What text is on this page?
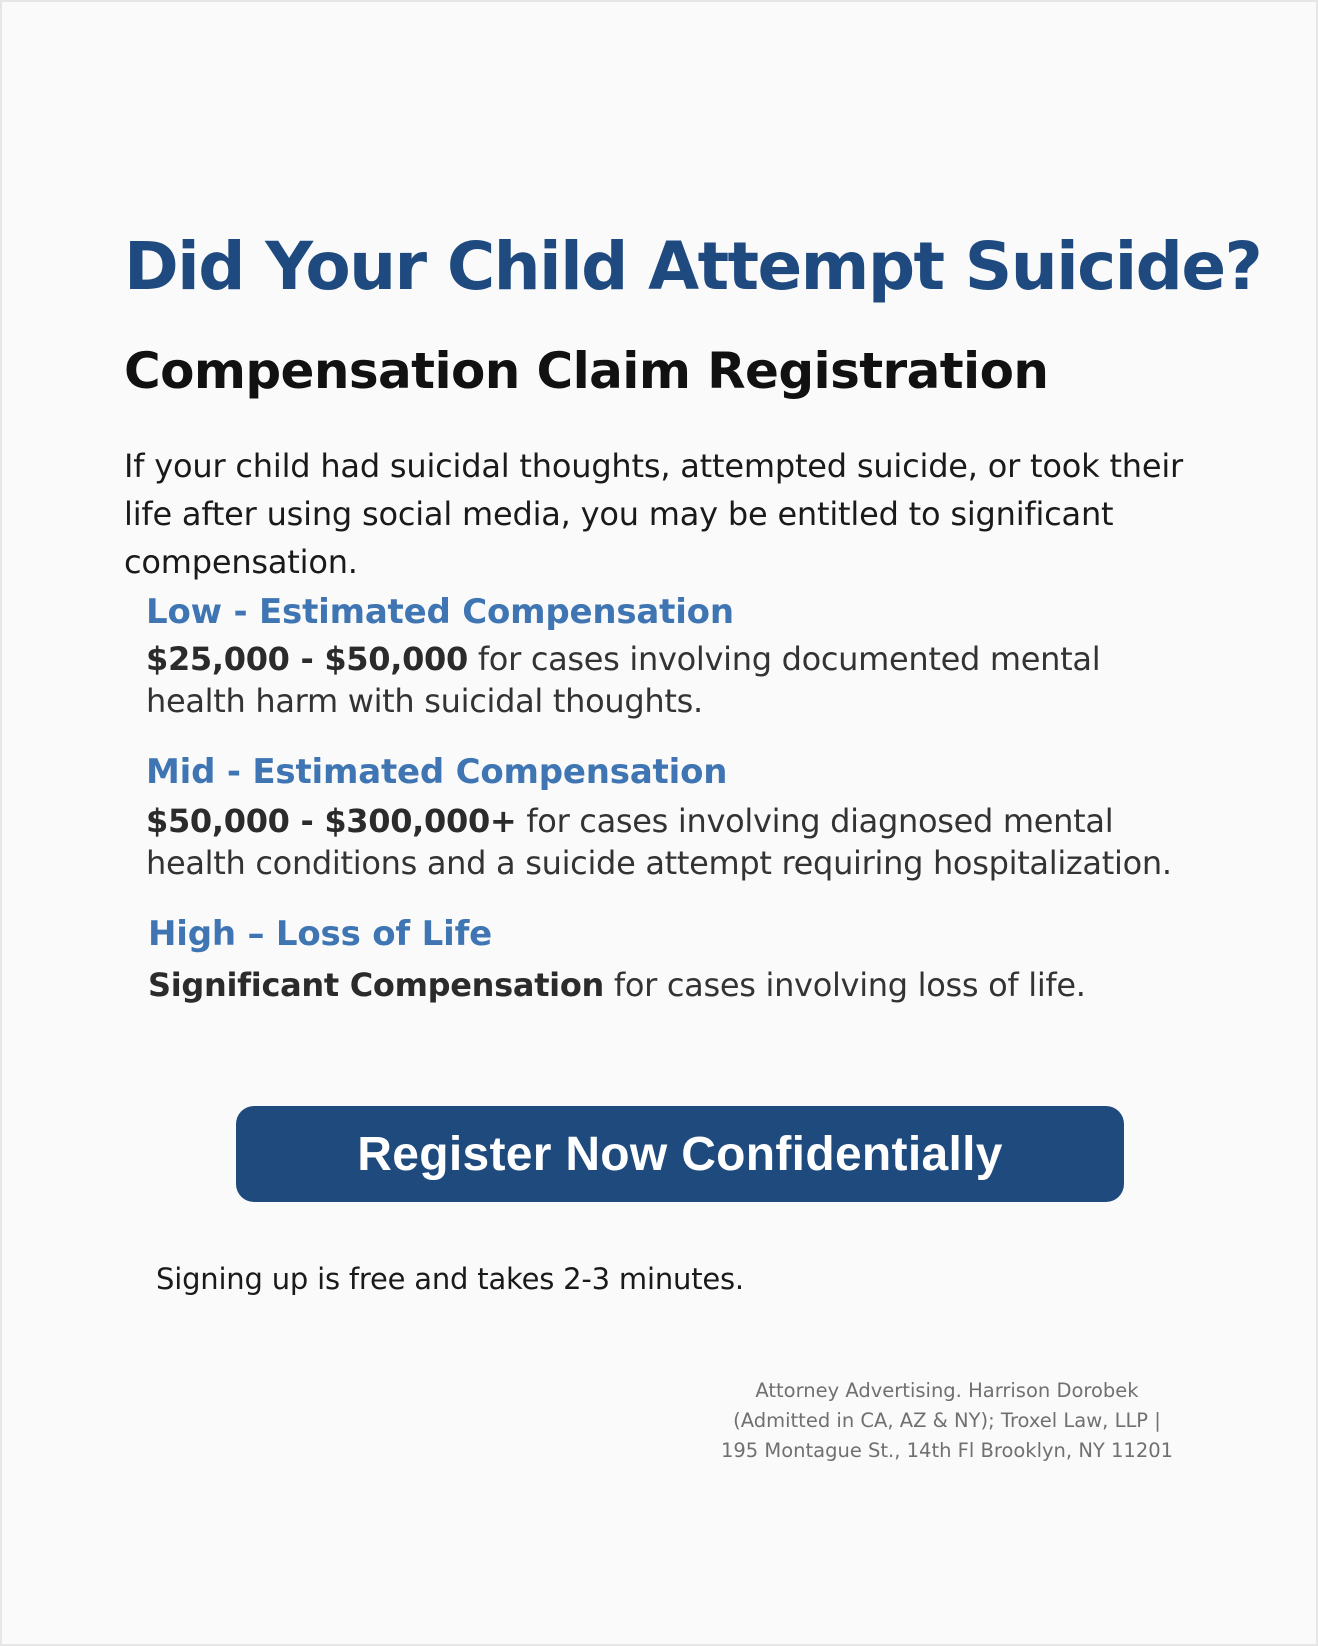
Did Your Child Attempt Suicide?
Compensation Claim Registration

If your child had suicidal thoughts, attempted suicide, or took their life after using social media, you may be entitled to significant compensation.

Low - Estimated Compensation

$25,000 - $50,000 for cases involving documented mental health harm with suicidal thoughts.

Mid - Estimated Compensation

$50,000 - $300,000+ for cases involving diagnosed mental health conditions and a suicide attempt requiring hospitalization.

High – Loss of Life

Significant Compensation for cases involving loss of life.

Register Now Confidentially

Signing up is free and takes 2-3 minutes.

Attorney Advertising. Harrison Dorobek
(Admitted in CA, AZ & NY); Troxel Law, LLP |
195 Montague St., 14th Fl Brooklyn, NY 11201
